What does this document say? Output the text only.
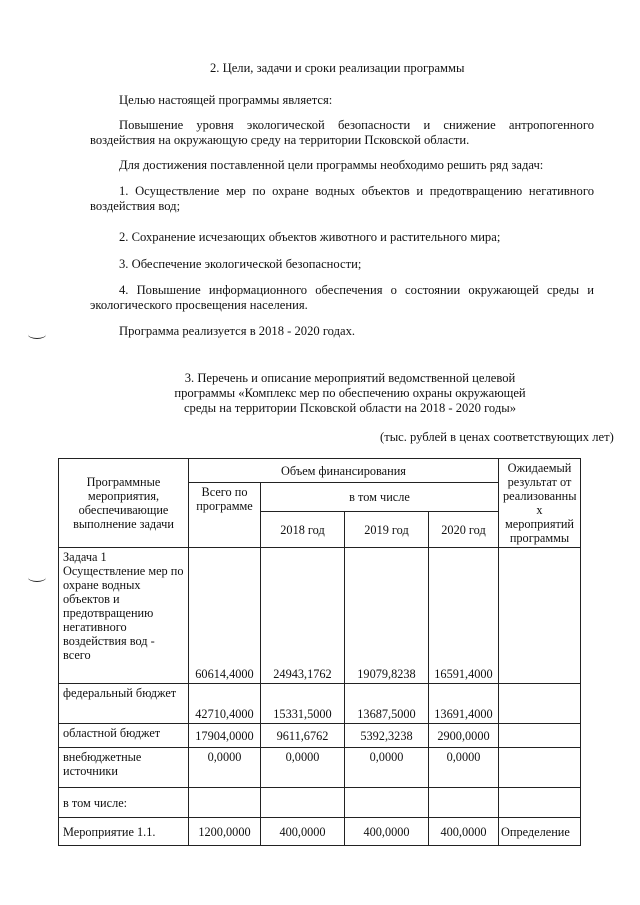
2. Цели, задачи и сроки реализации программы
Целью настоящей программы является:
Повышение уровня экологической безопасности и снижение антропогенного
воздействия на окружающую среду на территории Псковской области.
Для достижения поставленной цели программы необходимо решить ряд задач:
1. Осуществление мер по охране водных объектов и предотвращению негативного
воздействия вод;
2. Сохранение исчезающих объектов животного и растительного мира;
3. Обеспечение экологической безопасности;
4. Повышение информационного обеспечения о состоянии окружающей среды и
экологического просвещения населения.
Программа реализуется в 2018 - 2020 годах.
3. Перечень и описание мероприятий ведомственной целевой
программы «Комплекс мер по обеспечению охраны окружающей
среды на территории Псковской области на 2018 - 2020 годы»
(тыс. рублей в ценах соответствующих лет)
Программные мероприятия, обеспечивающие выполнение задачи	Объем финансирования				Ожидаемый результат от реализованны х мероприятий программы
	Всего по программе	в том числе			
		2018 год	2019 год	2020 год	
Задача 1 Осуществление мер по охране водных объектов и предотвращению негативного воздействия вод - всего	60614,4000	24943,1762	19079,8238	16591,4000	
федеральный бюджет	42710,4000	15331,5000	13687,5000	13691,4000	
областной бюджет	17904,0000	9611,6762	5392,3238	2900,0000	
внебюджетные источники	0,0000	0,0000	0,0000	0,0000	
в том числе:					
Мероприятие 1.1.	1200,0000	400,0000	400,0000	400,0000	Определение
